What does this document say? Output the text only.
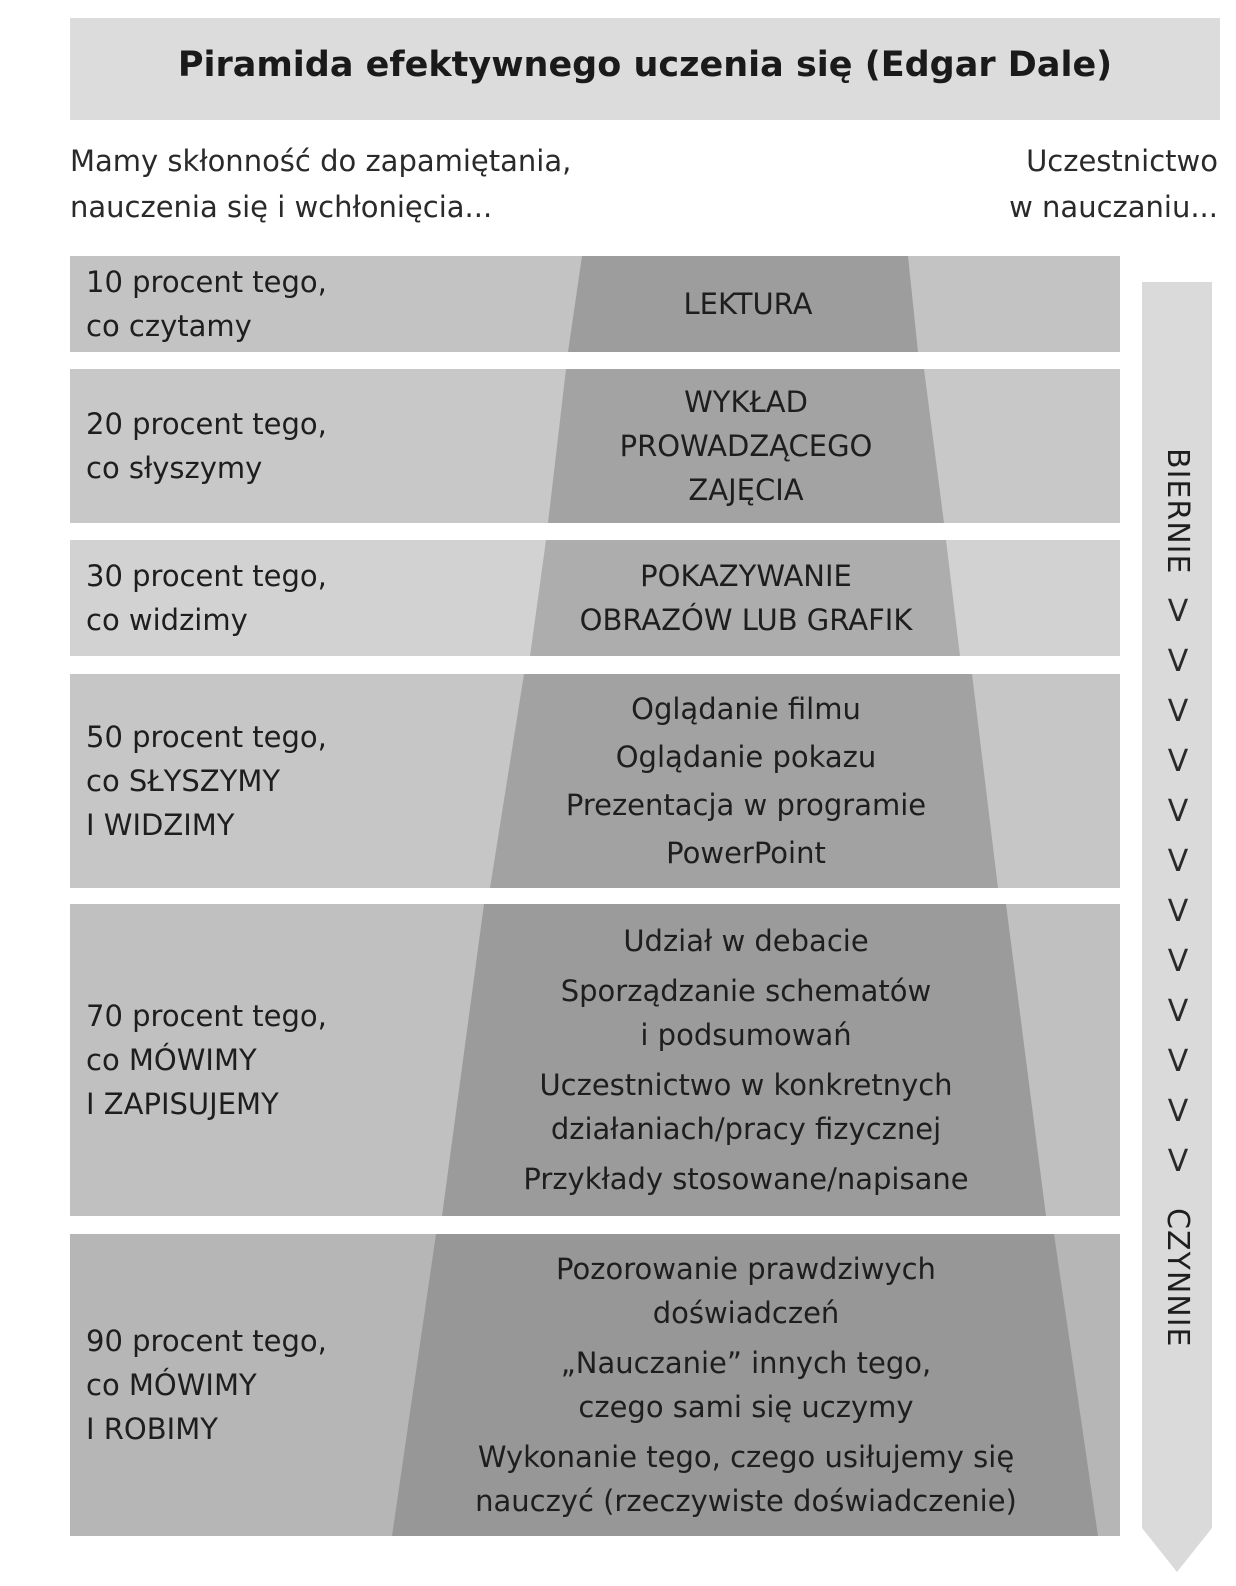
Piramida efektywnego uczenia się (Edgar Dale)
Mamy skłonność do zapamiętania,
nauczenia się i wchłonięcia...
Uczestnictwo
w nauczaniu...
10 procent tego,
co czytamy
LEKTURA
20 procent tego,
co słyszymy
WYKŁAD
PROWADZĄCEGO
ZAJĘCIA
30 procent tego,
co widzimy
POKAZYWANIE
OBRAZÓW LUB GRAFIK
50 procent tego,
co SŁYSZYMY
I WIDZIMY
Oglądanie filmu
Oglądanie pokazu
Prezentacja w programie
PowerPoint
70 procent tego,
co MÓWIMY
I ZAPISUJEMY
Udział w debacie
Sporządzanie schematów
i podsumowań
Uczestnictwo w konkretnych
działaniach/pracy fizycznej
Przykłady stosowane/napisane
90 procent tego,
co MÓWIMY
I ROBIMY
Pozorowanie prawdziwych
doświadczeń
„Nauczanie” innych tego,
czego sami się uczymy
Wykonanie tego, czego usiłujemy się
nauczyć (rzeczywiste doświadczenie)
BIERNIE
V
V
V
V
V
V
V
V
V
V
V
V
CZYNNIE
